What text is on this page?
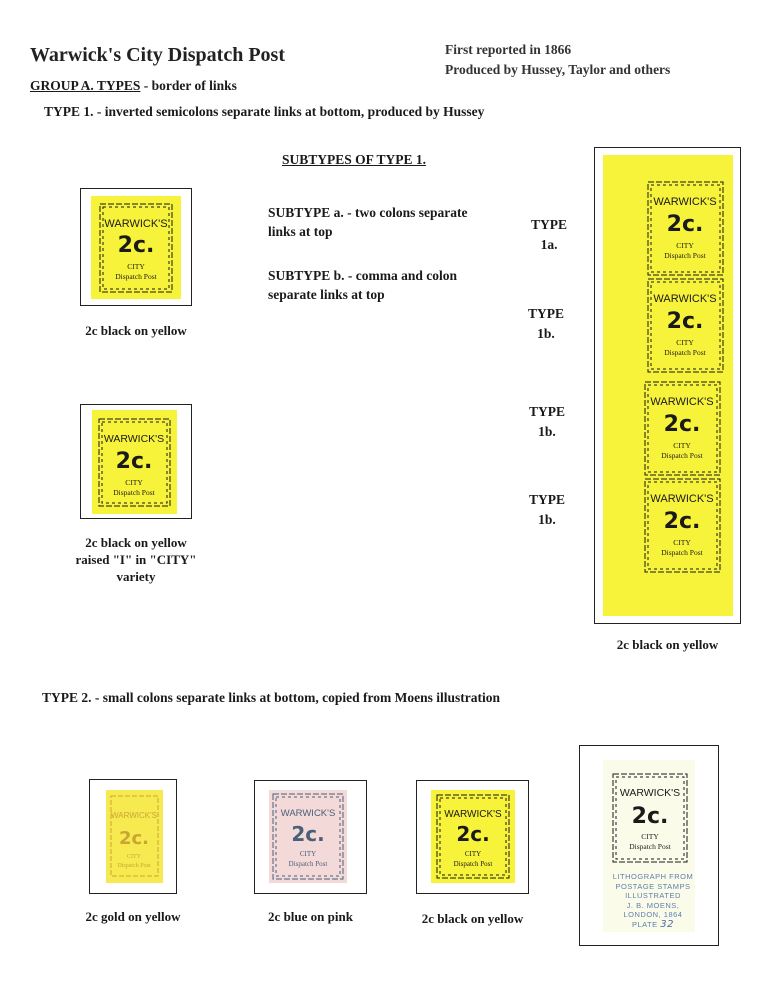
Warwick's City Dispatch Post	First reported in 1866
Produced by Hussey, Taylor and others
GROUP A. TYPES - border of links
TYPE 1. - inverted semicolons separate links at bottom, produced by Hussey
SUBTYPES OF TYPE 1.
SUBTYPE a. - two colons separate links at top
SUBTYPE b. - comma and colon separate links at top
TYPE
1a.
TYPE
1b.
TYPE
1b.
TYPE
1b.
WARWICK'S
2c.
CITY
Dispatch Post
2c black on yellow
WARWICK'S
2c.
CITY
Dispatch Post
2c black on yellow
raised "I" in "CITY"
variety
WARWICK'S
2c.
CITY
Dispatch Post
WARWICK'S
2c.
CITY
Dispatch Post
WARWICK'S
2c.
CITY
Dispatch Post
WARWICK'S
2c.
CITY
Dispatch Post
2c black on yellow
TYPE 2. - small colons separate links at bottom, copied from Moens illustration
WARWICK'S
2c.
CITY
Dispatch Post
2c gold on yellow
WARWICK'S
2c.
CITY
Dispatch Post
2c blue on pink
WARWICK'S
2c.
CITY
Dispatch Post
2c black on yellow
WARWICK'S
2c.
CITY
Dispatch Post
LITHOGRAPH FROM
POSTAGE STAMPS
ILLUSTRATED
J. B. MOENS,
LONDON, 1864
PLATE 32
